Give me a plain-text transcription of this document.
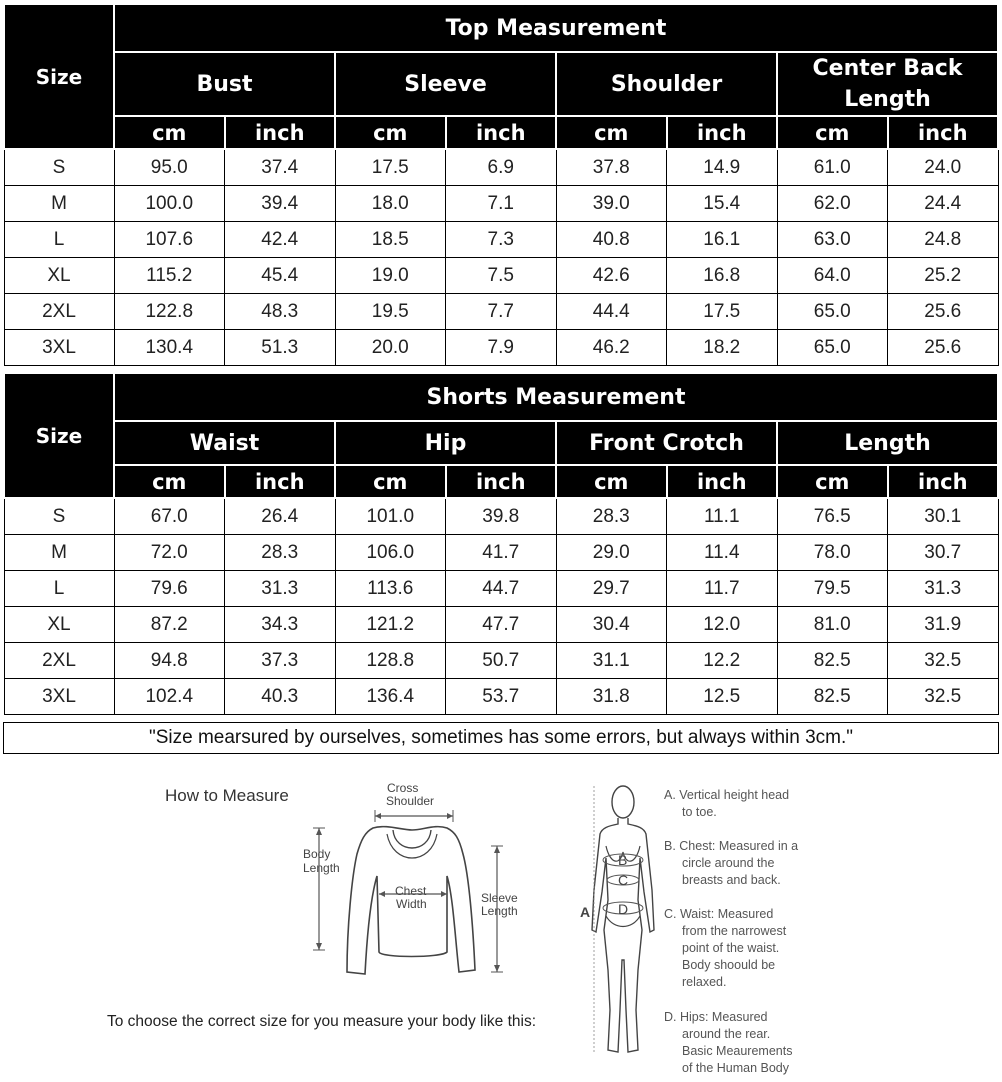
Size	Top Measurement							
	Bust		Sleeve		Shoulder		Center Back Length	
	cm	inch	cm	inch	cm	inch	cm	inch
S	95.0	37.4	17.5	6.9	37.8	14.9	61.0	24.0
M	100.0	39.4	18.0	7.1	39.0	15.4	62.0	24.4
L	107.6	42.4	18.5	7.3	40.8	16.1	63.0	24.8
XL	115.2	45.4	19.0	7.5	42.6	16.8	64.0	25.2
2XL	122.8	48.3	19.5	7.7	44.4	17.5	65.0	25.6
3XL	130.4	51.3	20.0	7.9	46.2	18.2	65.0	25.6
Size	Shorts Measurement							
	Waist		Hip		Front Crotch		Length	
	cm	inch	cm	inch	cm	inch	cm	inch
S	67.0	26.4	101.0	39.8	28.3	11.1	76.5	30.1
M	72.0	28.3	106.0	41.7	29.0	11.4	78.0	30.7
L	79.6	31.3	113.6	44.7	29.7	11.7	79.5	31.3
XL	87.2	34.3	121.2	47.7	30.4	12.0	81.0	31.9
2XL	94.8	37.3	128.8	50.7	31.1	12.2	82.5	32.5
3XL	102.4	40.3	136.4	53.7	31.8	12.5	82.5	32.5
"Size mearsured by ourselves, sometimes has some errors, but always within 3cm."
How to Measure	Cross
Shoulder
Body
Length
Chest
Width	Sleeve
Length
To choose the correct size for you measure your body like this:
A
B
C
D
A. Vertical height head
to toe.
B. Chest: Measured in a
circle around the
breasts and back.
C. Waist: Measured
from the narrowest
point of the waist.
Body shoould be
relaxed.
D. Hips: Measured
around the rear.
Basic Meaurements
of the Human Body
